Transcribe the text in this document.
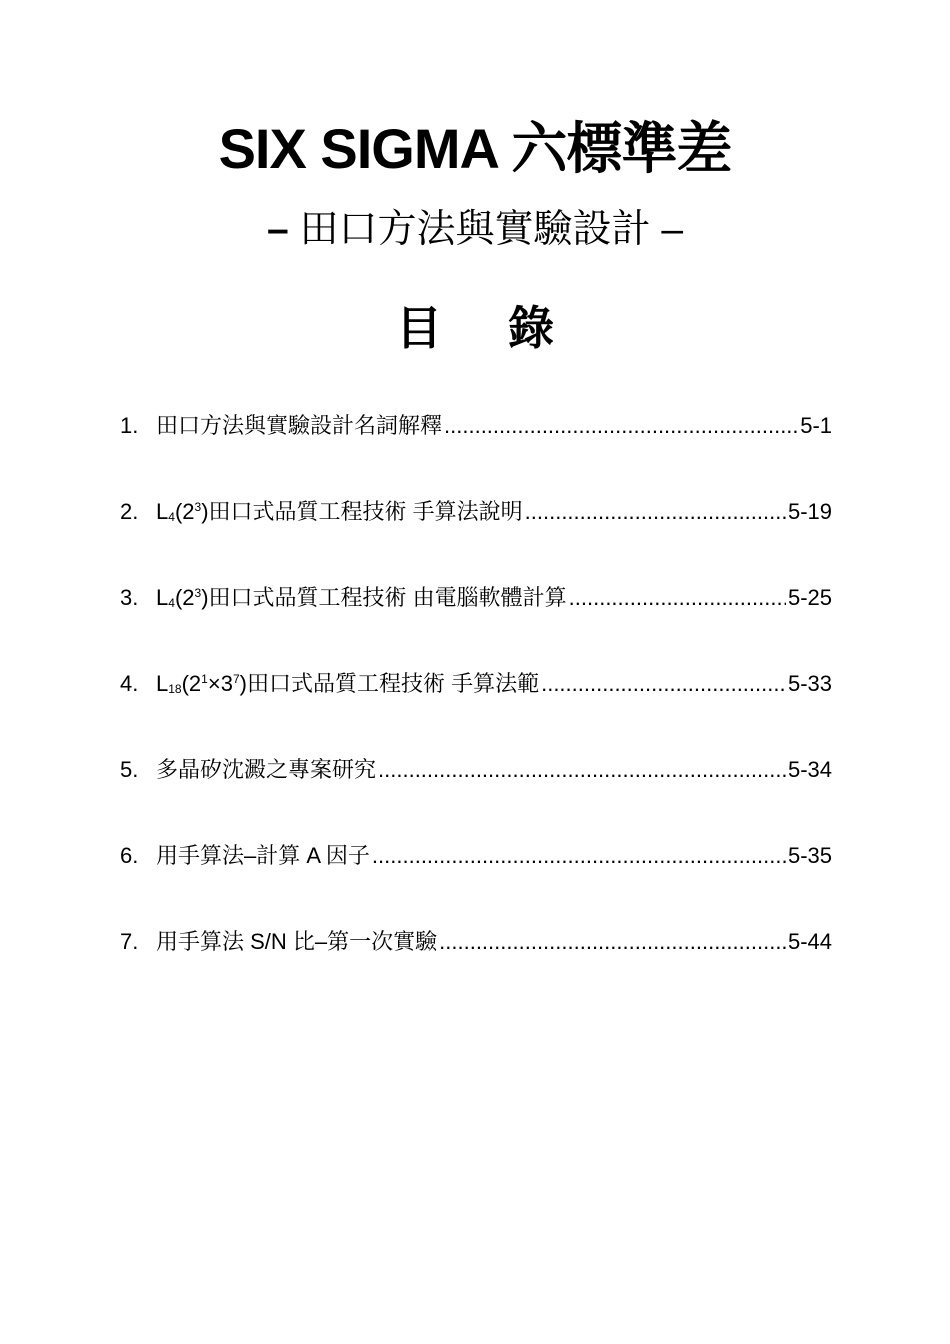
SIX SIGMA 六標準差
– 田口方法與實驗設計 –
目 錄
1. 田口方法與實驗設計名詞解釋 .....	5-1
2. $L_4(2^3)$田口式品質工程技術 手算法說明 .....	5-19
3. $L_4(2^3)$田口式品質工程技術 由電腦軟體計算 .....	5-25
4. $L_{18}(2^1\times 3^7)$田口式品質工程技術 手算法範 .....	5-33
5. 多晶矽沈澱之專案研究 .....	5-34
6. 用手算法–計算 A 因子 .....	5-35
7. 用手算法 S/N 比–第一次實驗 .....	5-44
